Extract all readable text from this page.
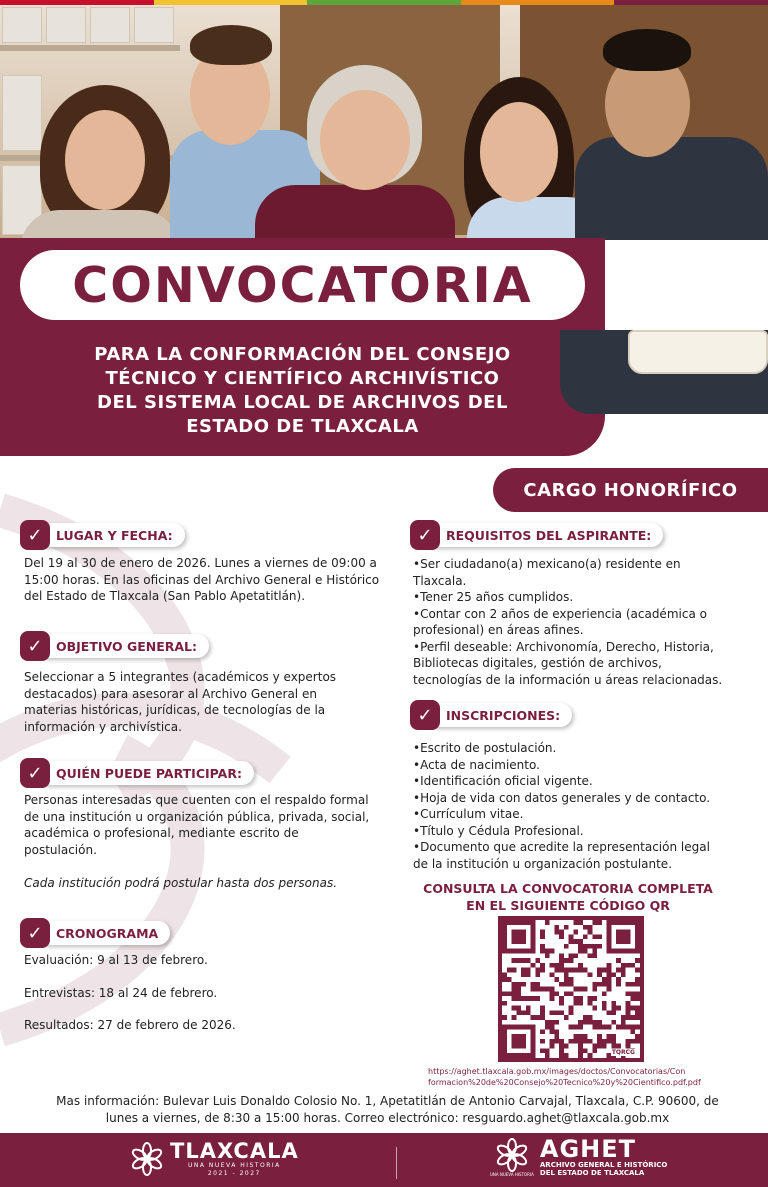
CONVOCATORIA
PARA LA CONFORMACIÓN DEL CONSEJO
TÉCNICO Y CIENTÍFICO ARCHIVÍSTICO
DEL SISTEMA LOCAL DE ARCHIVOS DEL
ESTADO DE TLAXCALA
CARGO HONORÍFICO
✓	LUGAR Y FECHA:

Del 19 al 30 de enero de 2026. Lunes a viernes de 09:00 a

15:00 horas. En las oficinas del Archivo General e Histórico

del Estado de Tlaxcala (San Pablo Apetatitlán).

✓	OBJETIVO GENERAL:

Seleccionar a 5 integrantes (académicos y expertos

destacados) para asesorar al Archivo General en

materias históricas, jurídicas, de tecnologías de la

información y archivística.

✓	QUIÉN PUEDE PARTICIPAR:

Personas interesadas que cuenten con el respaldo formal

de una institución u organización pública, privada, social,

académica o profesional, mediante escrito de

postulación.

Cada institución podrá postular hasta dos personas.

✓	CRONOGRAMA

Evaluación: 9 al 13 de febrero.

Entrevistas: 18 al 24 de febrero.

Resultados: 27 de febrero de 2026.

✓	REQUISITOS DEL ASPIRANTE:

•Ser ciudadano(a) mexicano(a) residente en

Tlaxcala.

•Tener 25 años cumplidos.

•Contar con 2 años de experiencia (académica o

profesional) en áreas afines.

•Perfil deseable: Archivonomía, Derecho, Historia,

Bibliotecas digitales, gestión de archivos,

tecnologías de la información u áreas relacionadas.

✓	INSCRIPCIONES:

•Escrito de postulación.

•Acta de nacimiento.

•Identificación oficial vigente.

•Hoja de vida con datos generales y de contacto.

•Currículum vitae.

•Título y Cédula Profesional.

•Documento que acredite la representación legal

de la institución u organización postulante.

CONSULTA LA CONVOCATORIA COMPLETA
EN EL SIGUIENTE CÓDIGO QR
TQRCG
https://aghet.tlaxcala.gob.mx/images/doctos/Convocatorias/Con
formacion%20de%20Consejo%20Tecnico%20y%20Cientifico.pdf.pdf
Mas información: Bulevar Luis Donaldo Colosio No. 1, Apetatitlán de Antonio Carvajal, Tlaxcala, C.P. 90600, de
lunes a viernes, de 8:30 a 15:00 horas. Correo electrónico: resguardo.aghet@tlaxcala.gob.mx
TLAXCALA
UNA NUEVA HISTORIA
2021 - 2027	UNA NUEVA HISTORIA
AGHET
ARCHIVO GENERAL E HISTÓRICO
DEL ESTADO DE TLAXCALA
